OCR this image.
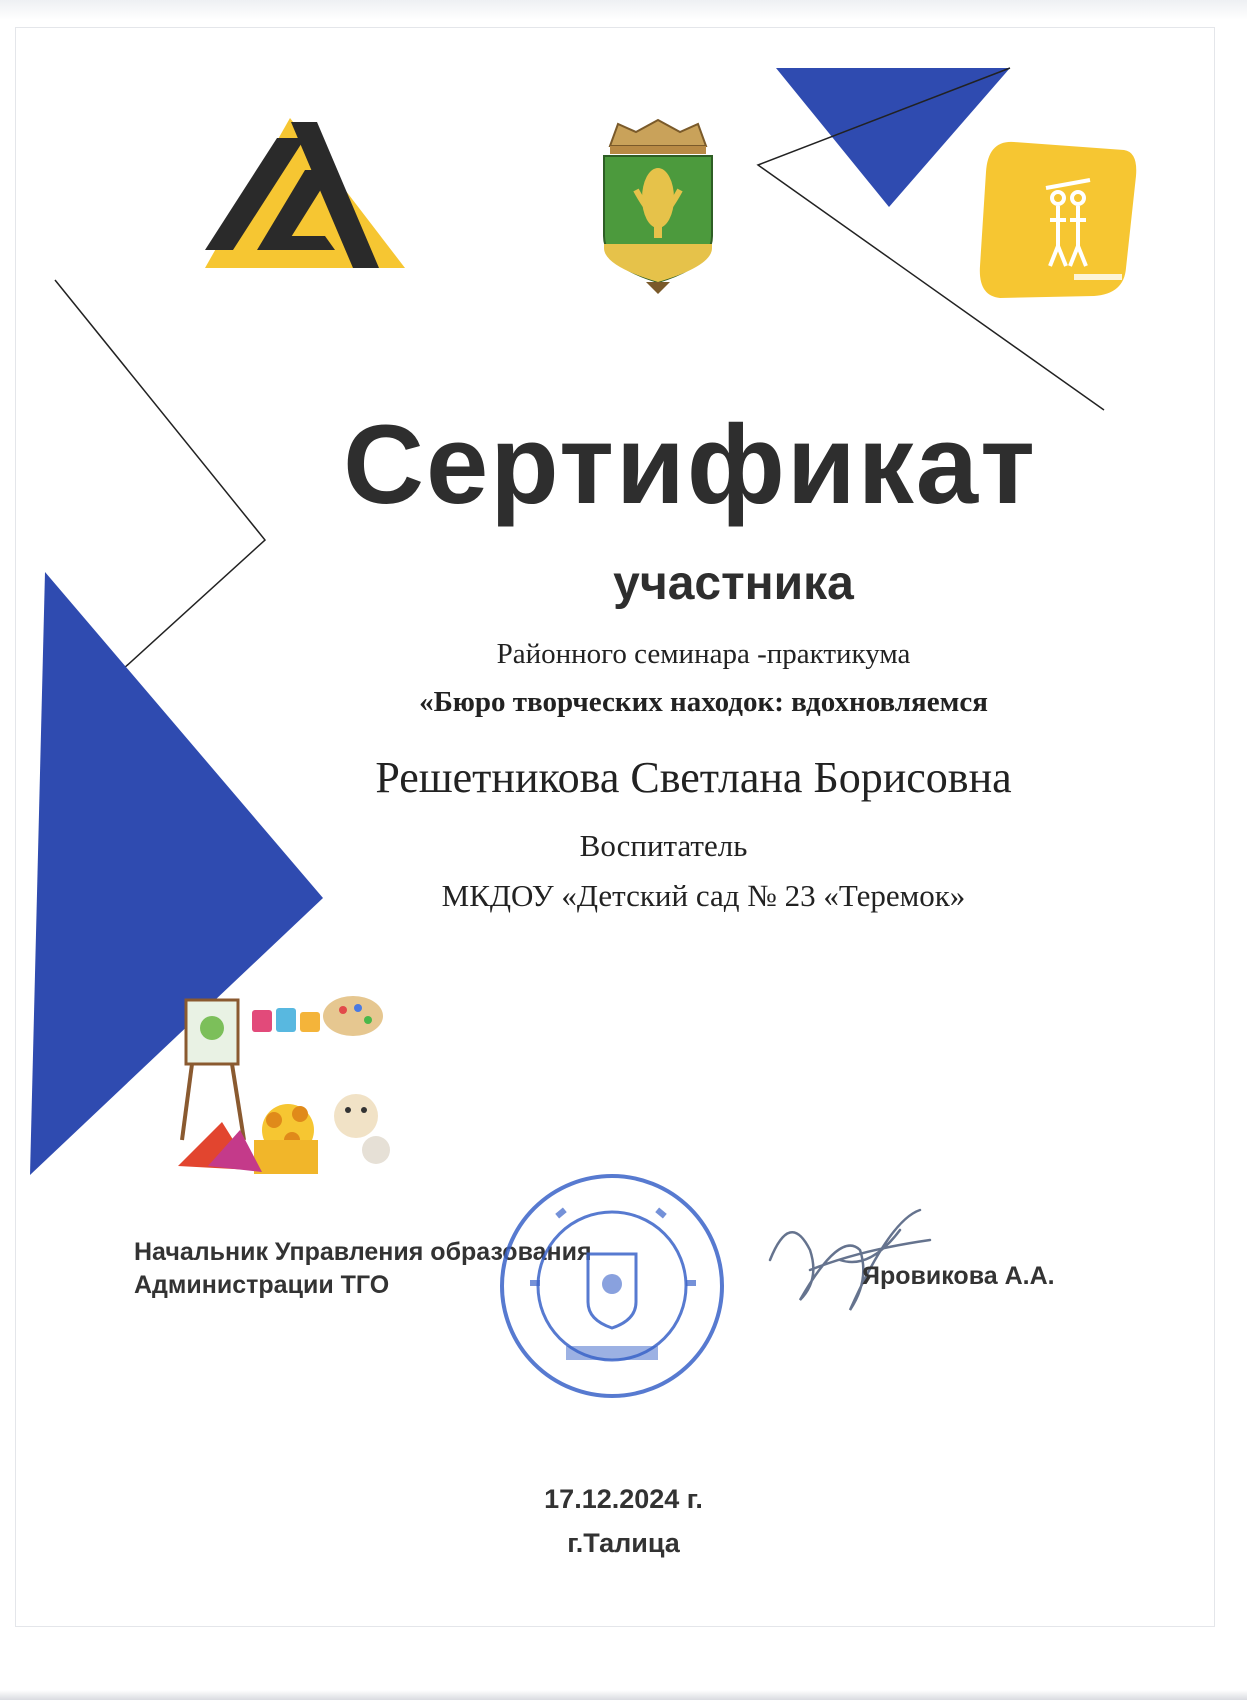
Сертификат
участника
Районного семинара -практикума
«Бюро творческих находок: вдохновляемся
Решетникова Светлана Борисовна
Воспитатель
МКДОУ «Детский сад № 23 «Теремок»
Начальник Управления образования
Администрации ТГО	Яровикова А.А.
17.12.2024 г.
г.Талица
